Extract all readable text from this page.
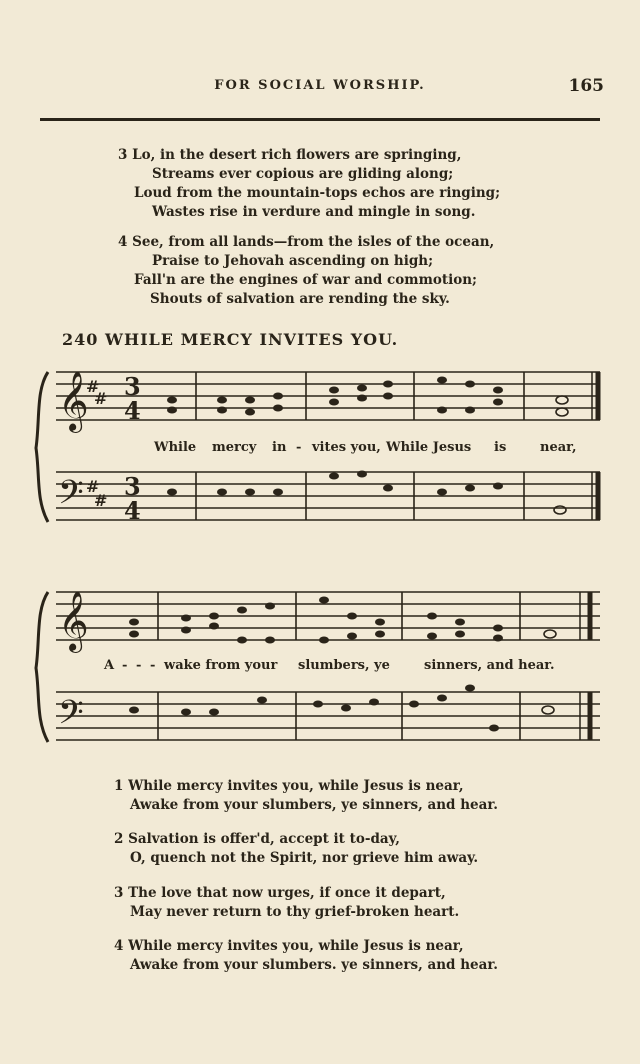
FOR SOCIAL WORSHIP.	165
3 Lo, in the desert rich flowers are springing,
Streams ever copious are gliding along;
Loud from the mountain-tops echos are ringing;
Wastes rise in verdure and mingle in song.
4 See, from all lands—from the isles of the ocean,
Praise to Jehovah ascending on high;
Fall'n are the engines of war and commotion;
Shouts of salvation are rending the sky.
240 WHILE MERCY INVITES YOU.
𝄞
𝄢
𝄞
𝄢
#
#
#
#
3
4
3
4
While mercy in - vites you, While Jesus is	near,
A - - - wake from your slumbers, ye	sinners, and hear.
1 While mercy invites you, while Jesus is near,
Awake from your slumbers, ye sinners, and hear.
2 Salvation is offer'd, accept it to-day,
O, quench not the Spirit, nor grieve him away.
3 The love that now urges, if once it depart,
May never return to thy grief-broken heart.
4 While mercy invites you, while Jesus is near,
Awake from your slumbers. ye sinners, and hear.
